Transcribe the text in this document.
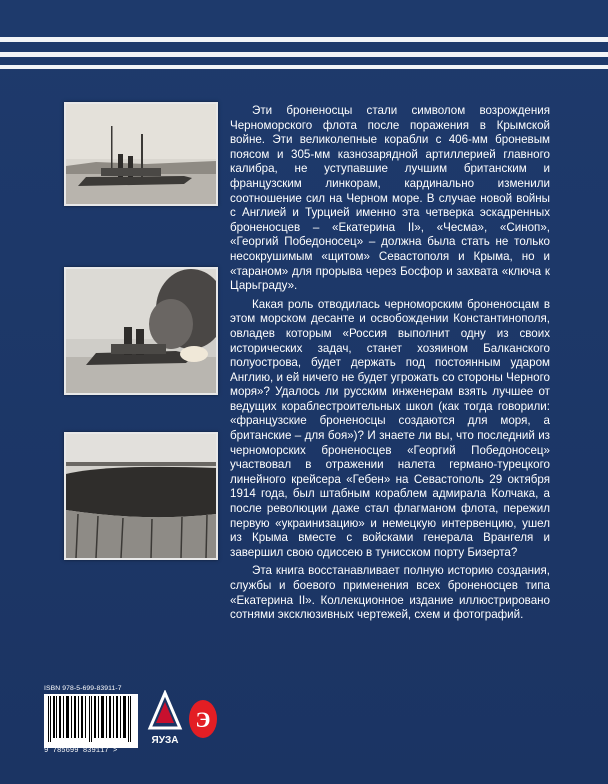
Эти броненосцы стали символом возрождения Черноморского флота после поражения в Крымской войне. Эти великолепные корабли с 406-мм броневым поясом и 305-мм казнозарядной артиллерией главного калибра, не уступавшие лучшим британским и французским линкорам, кардинально изменили соотношение сил на Черном море. В случае новой войны с Англией и Турцией именно эта четверка эскадренных броненосцев – «Екатерина II», «Чесма», «Синоп», «Георгий Победоносец» – должна была стать не только несокрушимым «щитом» Севастополя и Крыма, но и «тараном» для прорыва через Босфор и захвата «ключа к Царьграду».

Какая роль отводилась черноморским броненосцам в этом морском десанте и освобождении Константинополя, овладев которым «Россия выполнит одну из своих исторических задач, станет хозяином Балканского полуострова, будет держать под постоянным ударом Англию, и ей ничего не будет угрожать со стороны Черного моря»? Удалось ли русским инженерам взять лучшее от ведущих кораблестроительных школ (как тогда говорили: «французские броненосцы создаются для моря, а британские – для боя»)? И знаете ли вы, что последний из черноморских броненосцев «Георгий Победоносец» участвовал в отражении налета германо-турецкого линейного крейсера «Гебен» на Севастополь 29 октября 1914 года, был штабным кораблем адмирала Колчака, а после революции даже стал флагманом флота, пережил первую «украинизацию» и немецкую интервенцию, ушел из Крыма вместе с войсками генерала Врангеля и завершил свою одиссею в тунисском порту Бизерта?

Эта книга восстанавливает полную историю создания, службы и боевого применения всех броненосцев типа «Екатерина II». Коллекционное издание иллюстрировано сотнями эксклюзивных чертежей, схем и фотографий.

ISBN 978-5-699-83911-7
9 785699 839117 >
ЯУЗА
Э
